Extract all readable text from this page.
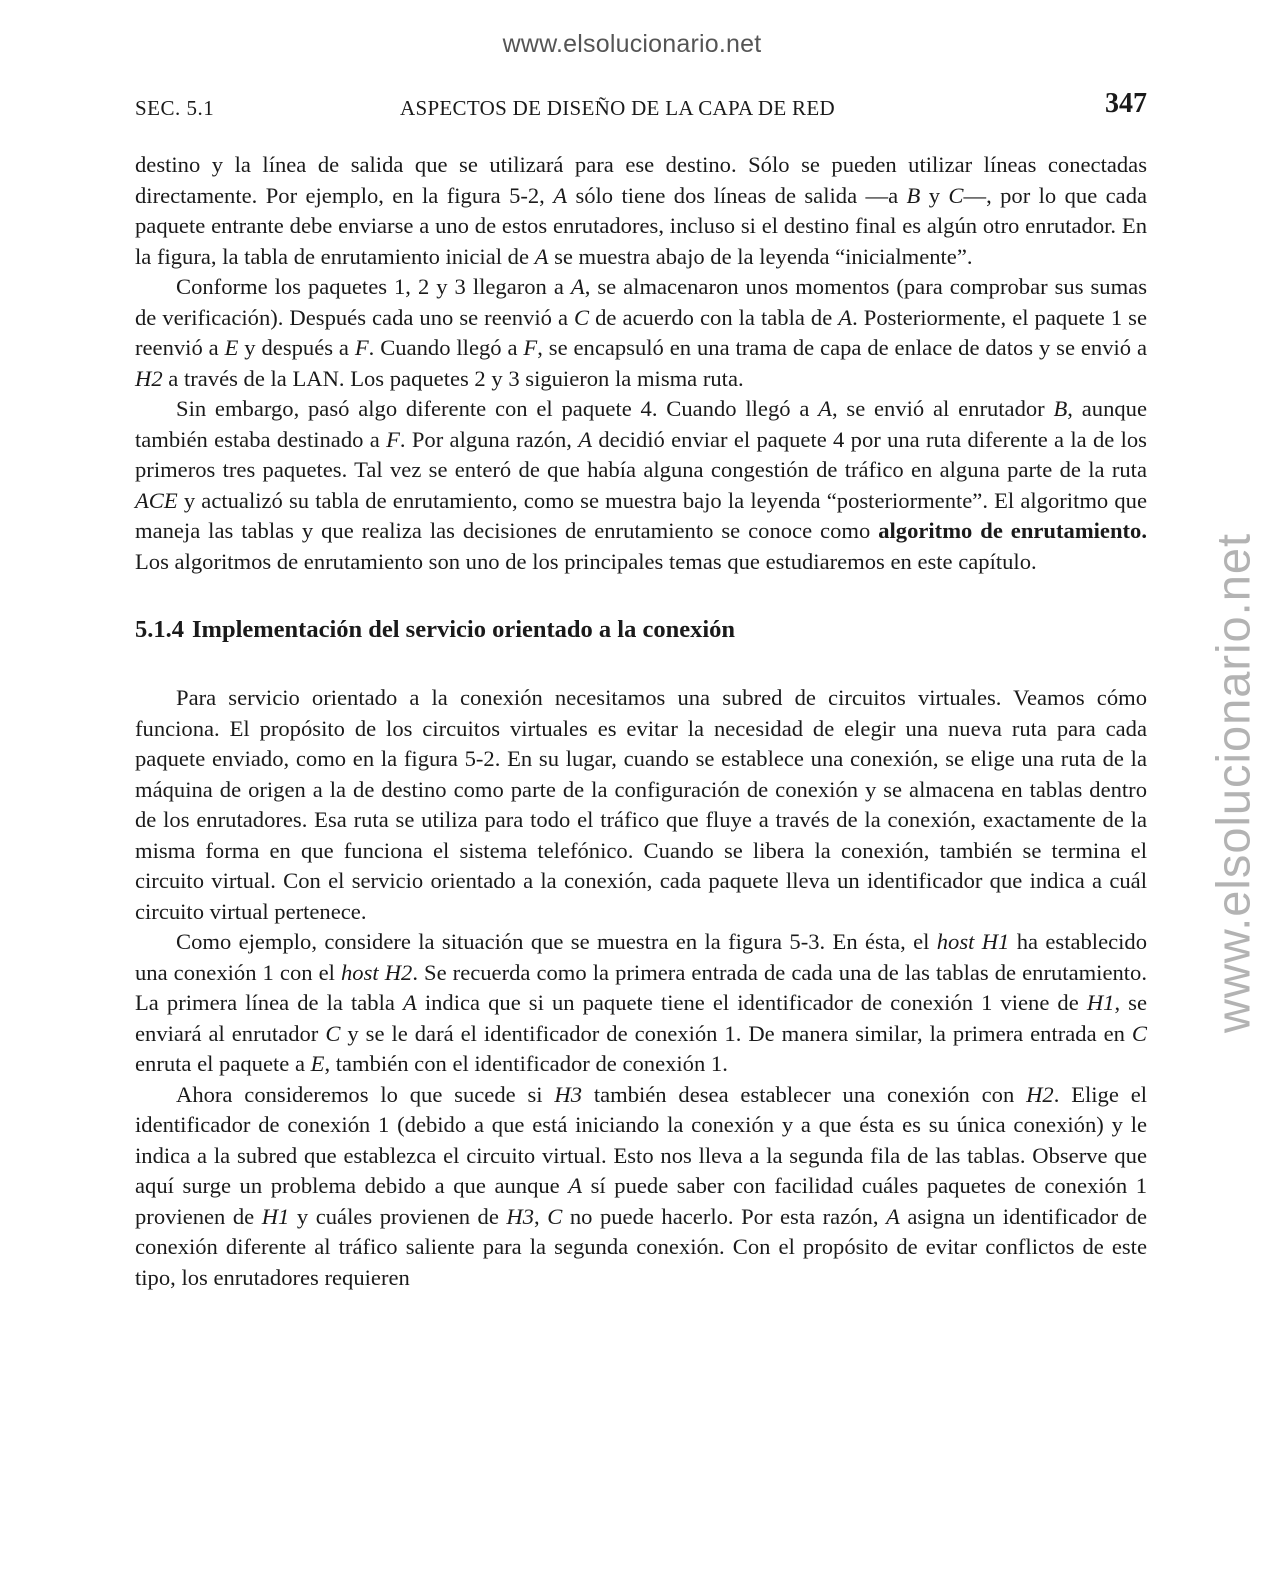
www.elsolucionario.net
www.elsolucionario.net
SEC. 5.1	ASPECTOS DE DISEÑO DE LA CAPA DE RED	347

destino y la línea de salida que se utilizará para ese destino. Sólo se pueden utilizar líneas conectadas directamente. Por ejemplo, en la figura 5-2, A sólo tiene dos líneas de salida —a B y C—, por lo que cada paquete entrante debe enviarse a uno de estos enrutadores, incluso si el destino final es algún otro enrutador. En la figura, la tabla de enrutamiento inicial de A se muestra abajo de la leyenda “inicialmente”.

Conforme los paquetes 1, 2 y 3 llegaron a A, se almacenaron unos momentos (para comprobar sus sumas de verificación). Después cada uno se reenvió a C de acuerdo con la tabla de A. Posteriormente, el paquete 1 se reenvió a E y después a F. Cuando llegó a F, se encapsuló en una trama de capa de enlace de datos y se envió a H2 a través de la LAN. Los paquetes 2 y 3 siguieron la misma ruta.

Sin embargo, pasó algo diferente con el paquete 4. Cuando llegó a A, se envió al enrutador B, aunque también estaba destinado a F. Por alguna razón, A decidió enviar el paquete 4 por una ruta diferente a la de los primeros tres paquetes. Tal vez se enteró de que había alguna congestión de tráfico en alguna parte de la ruta ACE y actualizó su tabla de enrutamiento, como se muestra bajo la leyenda “posteriormente”. El algoritmo que maneja las tablas y que realiza las decisiones de enrutamiento se conoce como algoritmo de enrutamiento. Los algoritmos de enrutamiento son uno de los principales temas que estudiaremos en este capítulo.

5.1.4 Implementación del servicio orientado a la conexión

Para servicio orientado a la conexión necesitamos una subred de circuitos virtuales. Veamos cómo funciona. El propósito de los circuitos virtuales es evitar la necesidad de elegir una nueva ruta para cada paquete enviado, como en la figura 5-2. En su lugar, cuando se establece una conexión, se elige una ruta de la máquina de origen a la de destino como parte de la configuración de conexión y se almacena en tablas dentro de los enrutadores. Esa ruta se utiliza para todo el tráfico que fluye a través de la conexión, exactamente de la misma forma en que funciona el sistema telefónico. Cuando se libera la conexión, también se termina el circuito virtual. Con el servicio orientado a la conexión, cada paquete lleva un identificador que indica a cuál circuito virtual pertenece.

Como ejemplo, considere la situación que se muestra en la figura 5-3. En ésta, el host H1 ha establecido una conexión 1 con el host H2. Se recuerda como la primera entrada de cada una de las tablas de enrutamiento. La primera línea de la tabla A indica que si un paquete tiene el identificador de conexión 1 viene de H1, se enviará al enrutador C y se le dará el identificador de conexión 1. De manera similar, la primera entrada en C enruta el paquete a E, también con el identificador de conexión 1.

Ahora consideremos lo que sucede si H3 también desea establecer una conexión con H2. Elige el identificador de conexión 1 (debido a que está iniciando la conexión y a que ésta es su única conexión) y le indica a la subred que establezca el circuito virtual. Esto nos lleva a la segunda fila de las tablas. Observe que aquí surge un problema debido a que aunque A sí puede saber con facilidad cuáles paquetes de conexión 1 provienen de H1 y cuáles provienen de H3, C no puede hacerlo. Por esta razón, A asigna un identificador de conexión diferente al tráfico saliente para la segunda conexión. Con el propósito de evitar conflictos de este tipo, los enrutadores requieren
